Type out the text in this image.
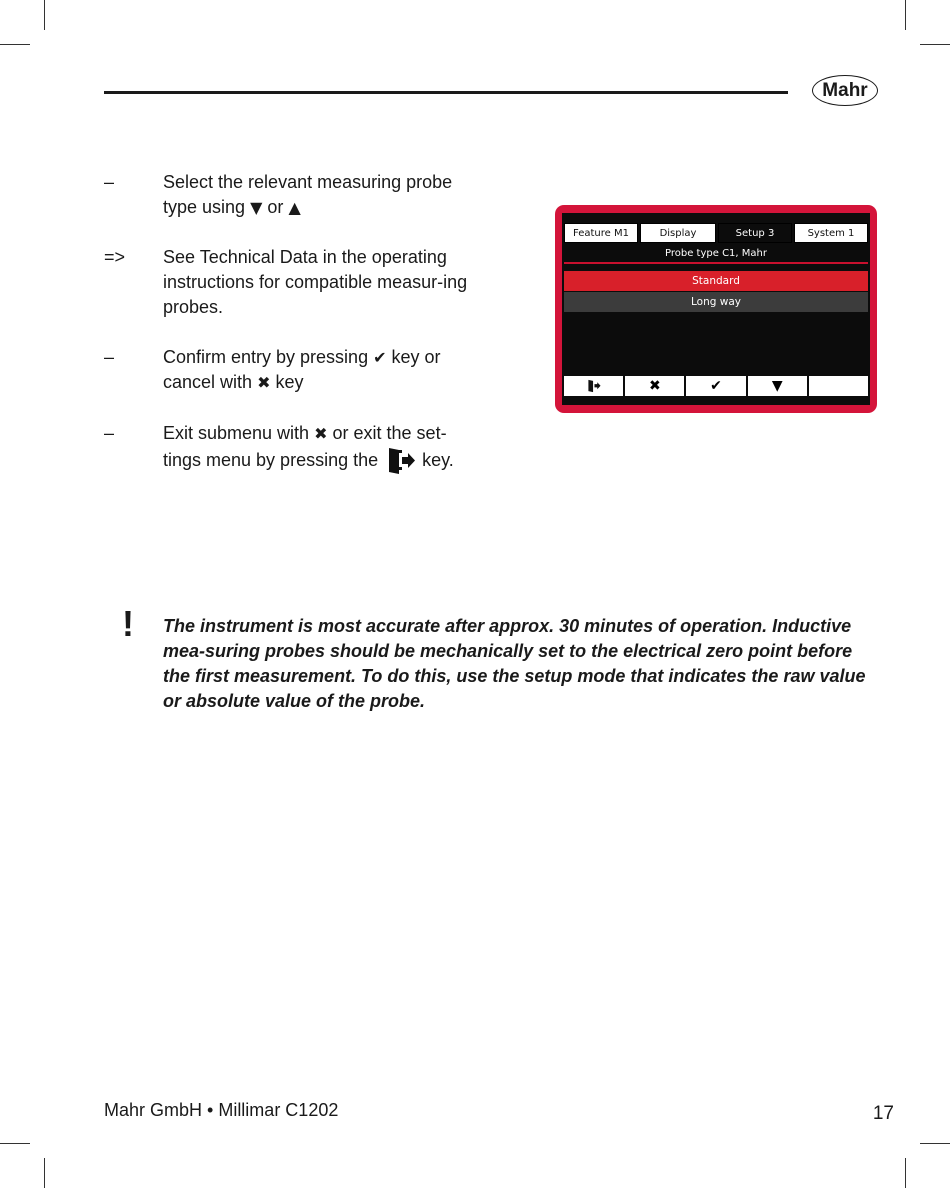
Mahr
–	Select the relevant measuring probe type using ▼ or ▲
=>	See Technical Data in the operating instructions for compatible measur-ing probes.
–	Confirm entry by pressing ✔ key or cancel with ✖ key
–	Exit submenu with ✖ or exit the set-tings menu by pressing the key.
Feature M1	Display	Setup 3	System 1
Probe type C1, Mahr
Standard
Long way
✖	✔	▼
! The instrument is most accurate after approx. 30 minutes of operation. Inductive mea-suring probes should be mechanically set to the electrical zero point before the first measurement. To do this, use the setup mode that indicates the raw value or absolute value of the probe.
Mahr GmbH • Millimar C1202	17
